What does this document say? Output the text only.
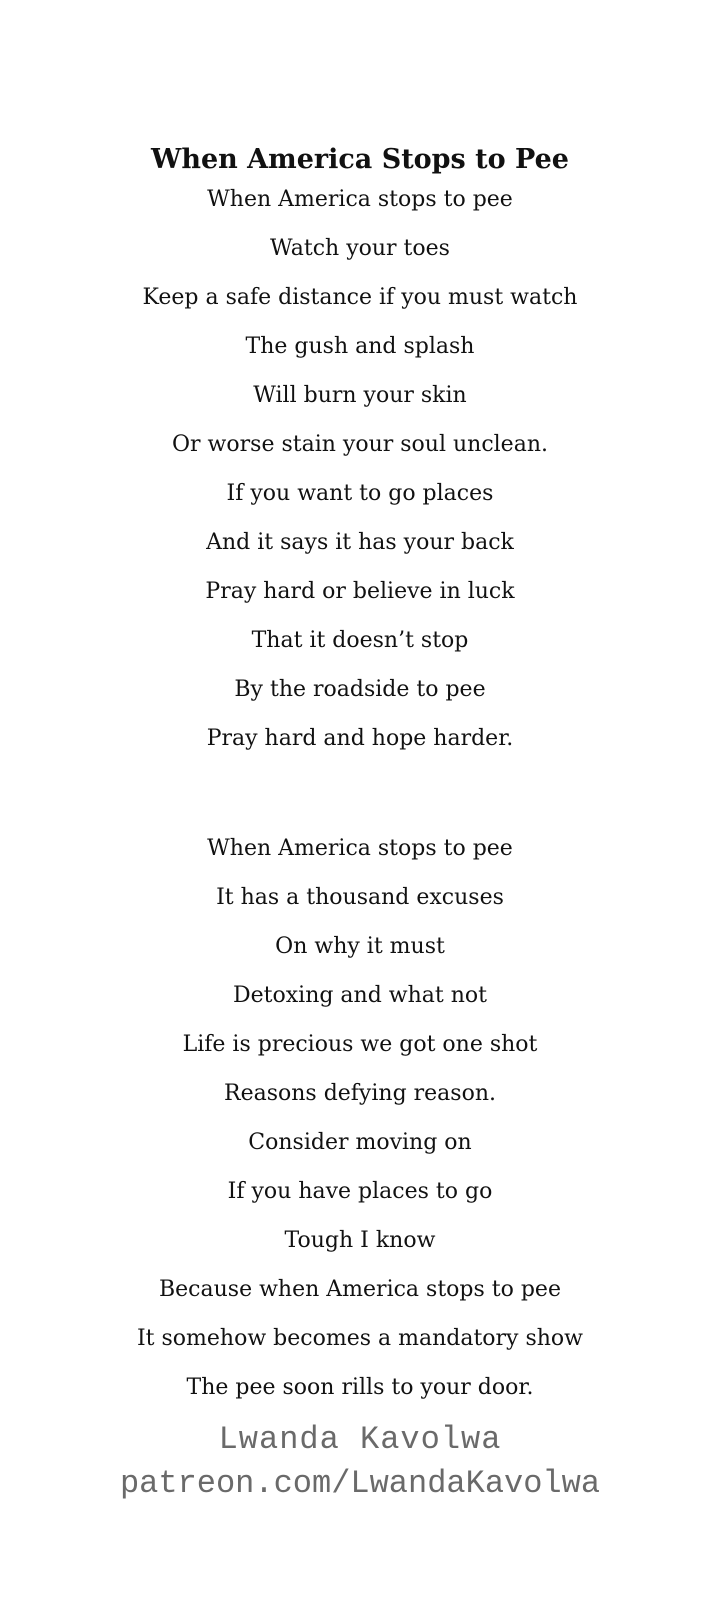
When America Stops to Pee
When America stops to pee
Watch your toes
Keep a safe distance if you must watch
The gush and splash
Will burn your skin
Or worse stain your soul unclean.
If you want to go places
And it says it has your back
Pray hard or believe in luck
That it doesn’t stop
By the roadside to pee
Pray hard and hope harder.
When America stops to pee
It has a thousand excuses
On why it must
Detoxing and what not
Life is precious we got one shot
Reasons defying reason.
Consider moving on
If you have places to go
Tough I know
Because when America stops to pee
It somehow becomes a mandatory show
The pee soon rills to your door.
Lwanda Kavolwa
patreon.com/LwandaKavolwa
